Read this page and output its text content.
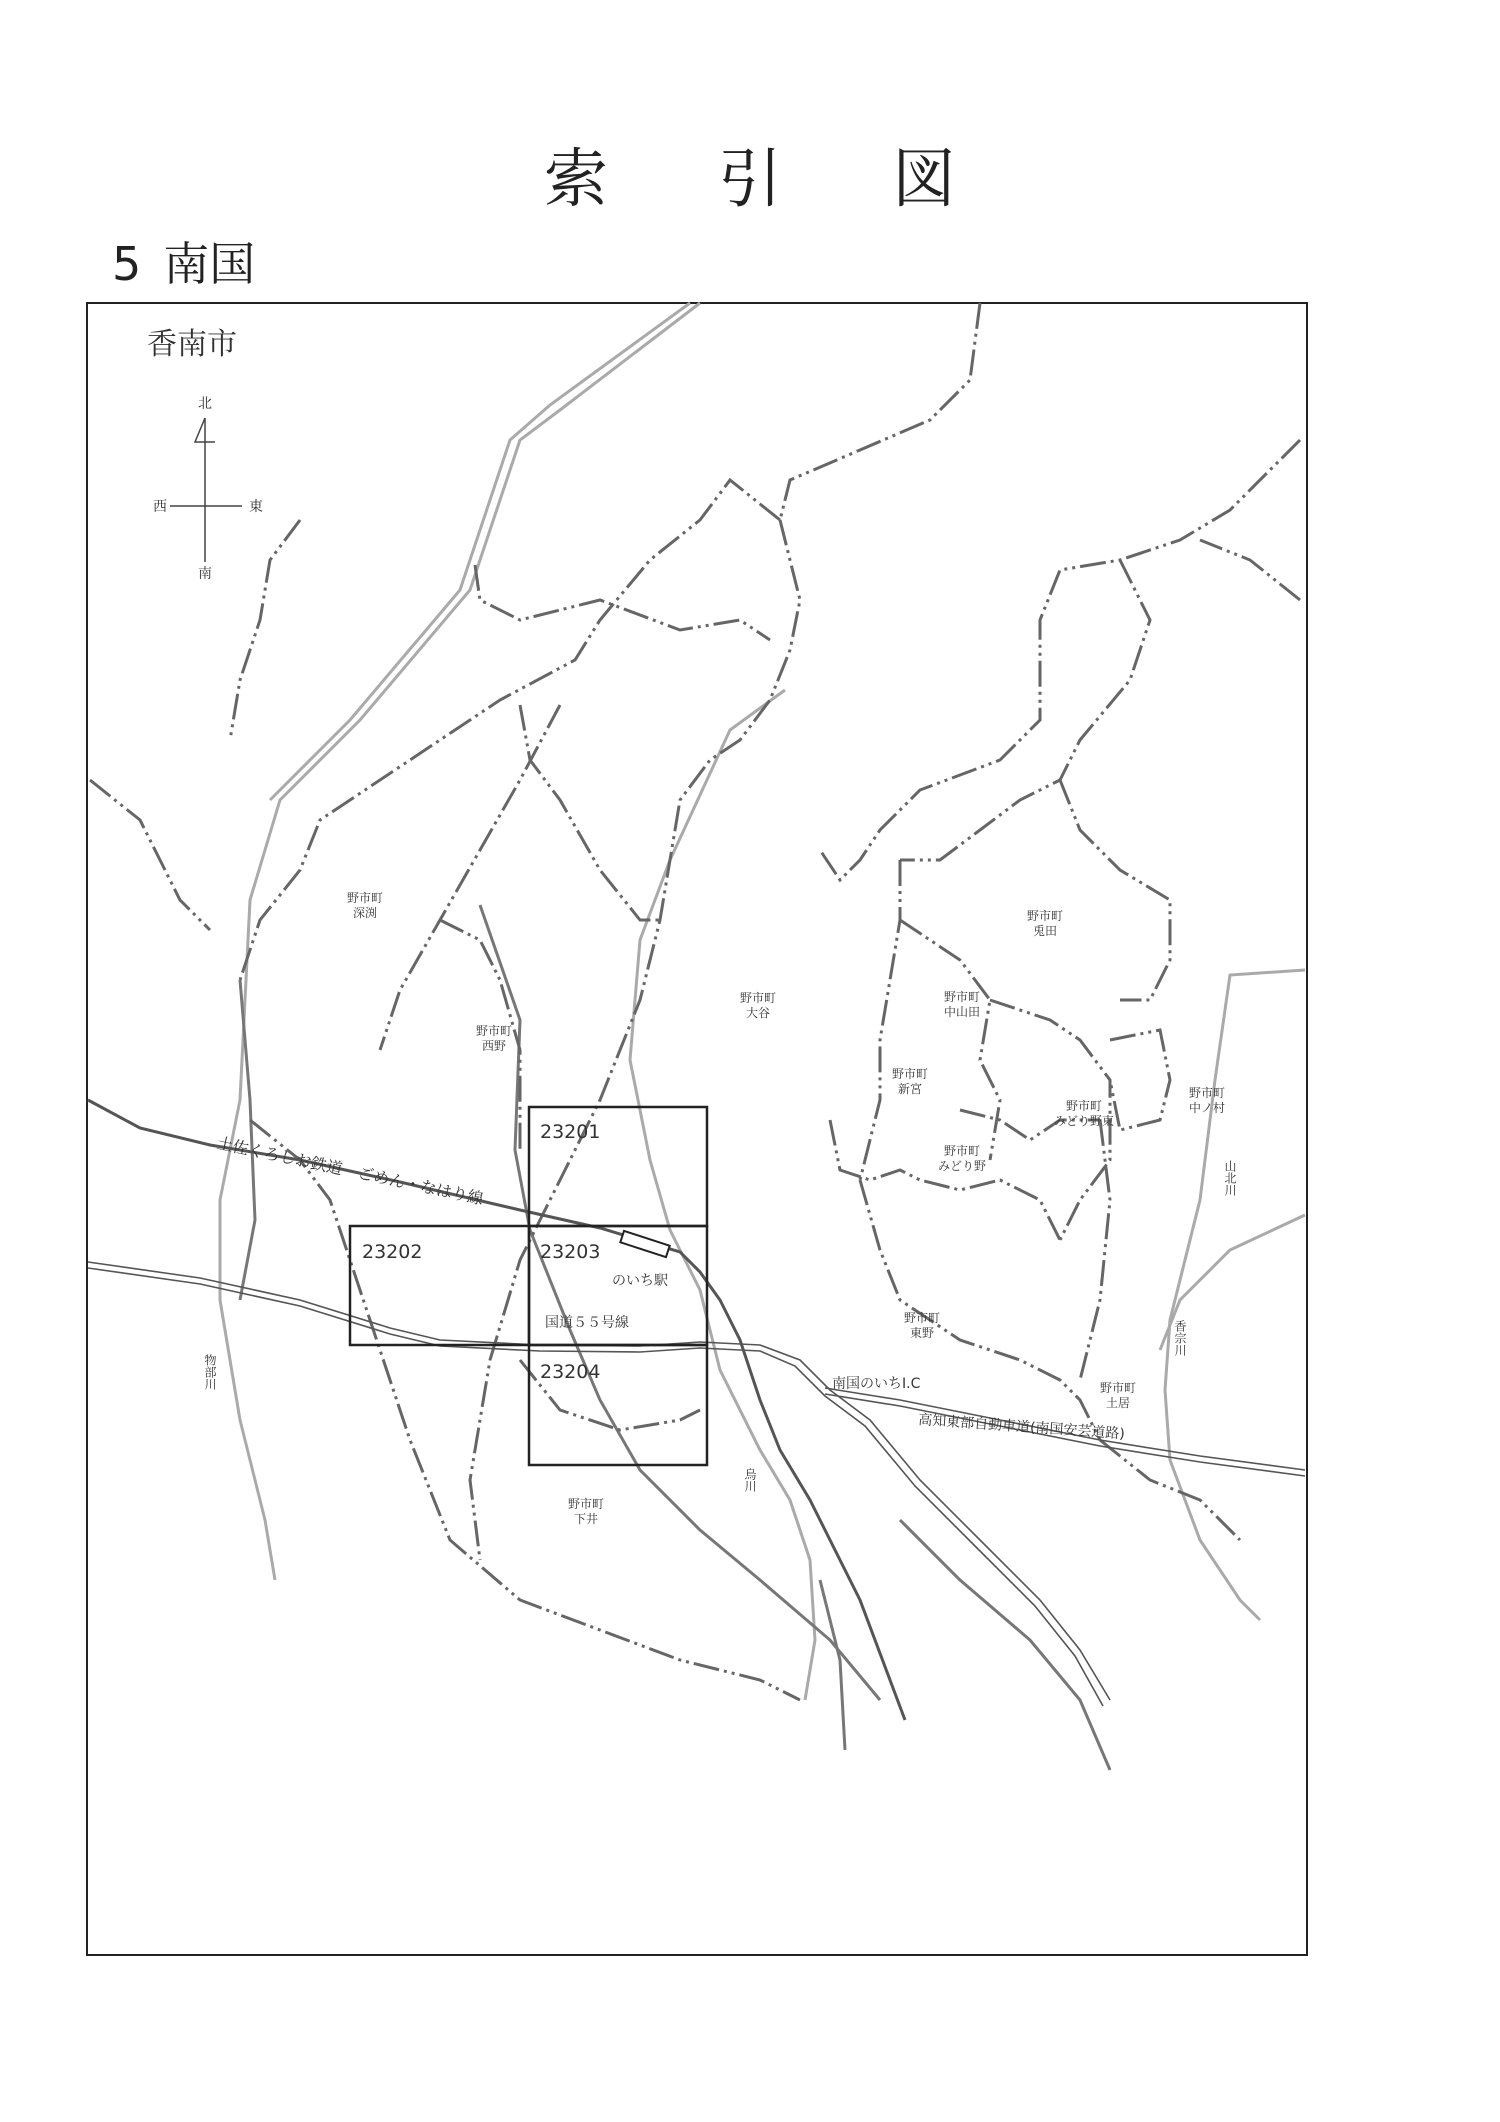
索引図
5 南国
北
南
西	東
香南市
23201
23202	23203
23204
野市町
深渕
野市町
西野
野市町
大谷
野市町
兎田
野市町
中山田
野市町
新宮
野市町
みどり野東
野市町
みどり野
野市町
中ノ村
野市町
東野
野市町
土居
野市町
下井
土佐くろしお鉄道　ごめん・なはり線
のいち駅
国道５５号線
南国のいちI.C
高知東部自動車道(南国安芸道路)
物部川
烏川
山北川
香宗川
